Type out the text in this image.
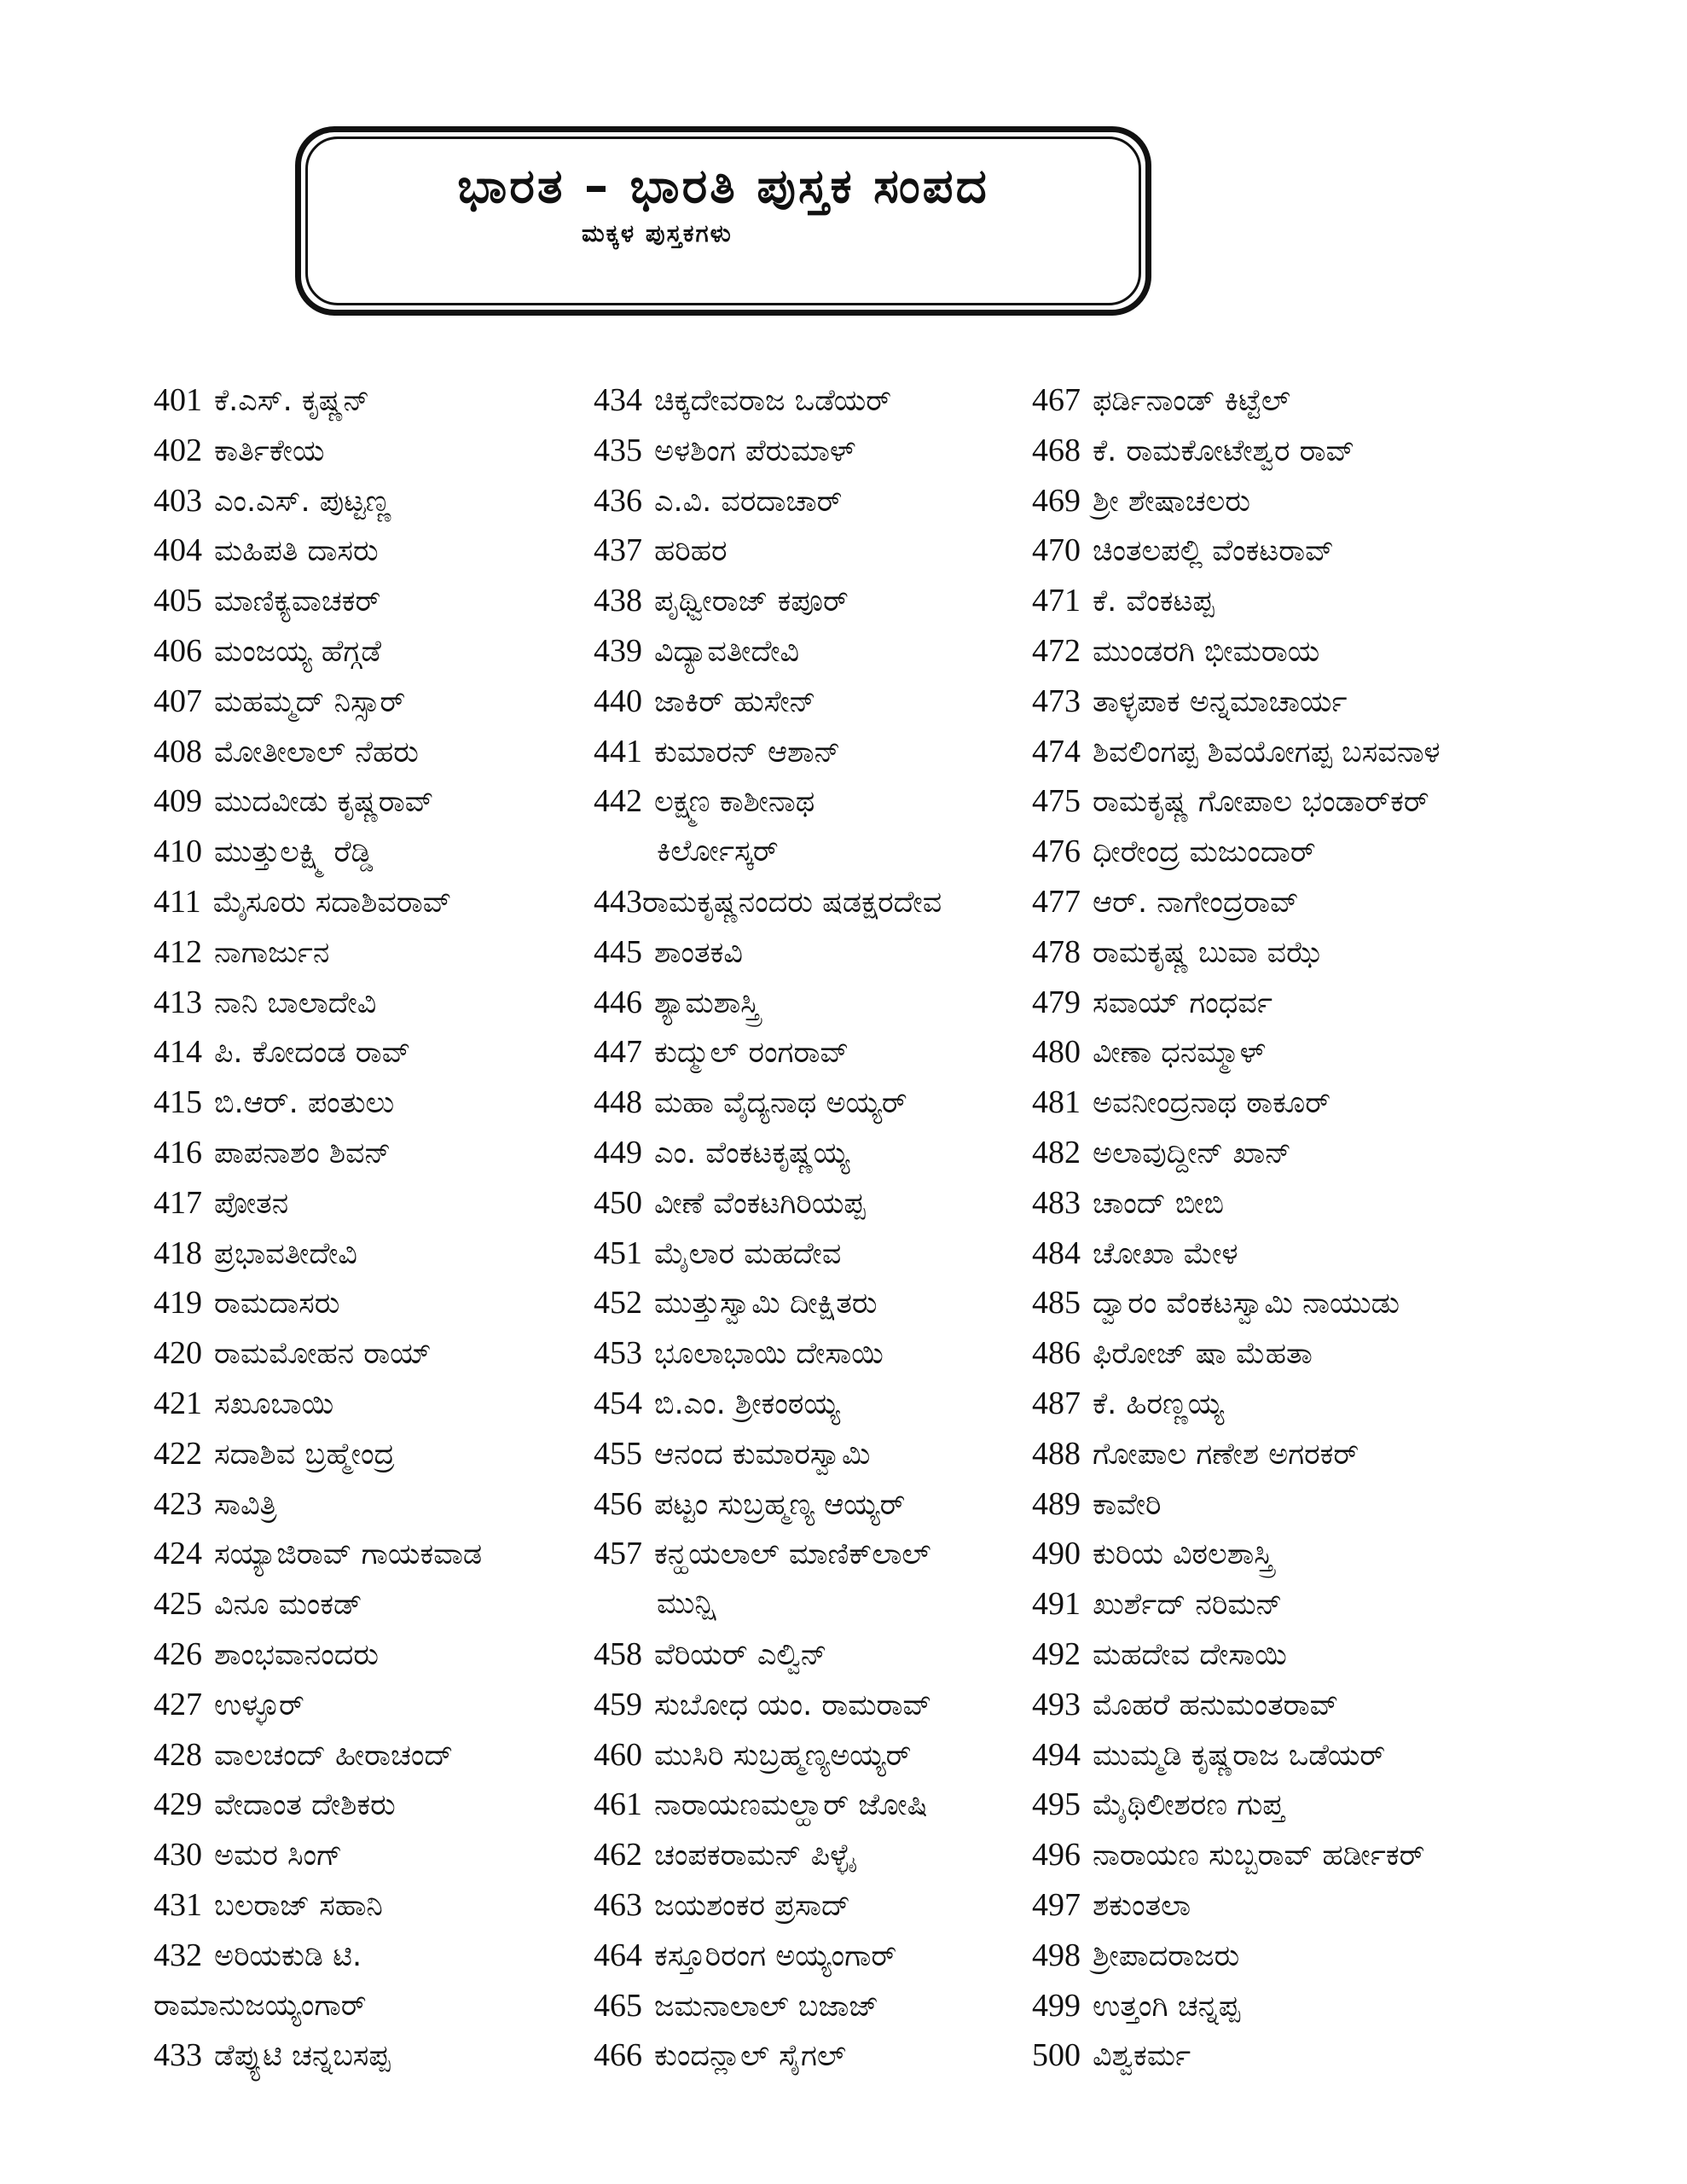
ಭಾರತ – ಭಾರತಿ ಪುಸ್ತಕ ಸಂಪದ
ಮಕ್ಕಳ ಪುಸ್ತಕಗಳು
401 ಕೆ.ಎಸ್. ಕೃಷ್ಣನ್
402 ಕಾರ್ತಿಕೇಯ
403 ಎಂ.ಎಸ್. ಪುಟ್ಟಣ್ಣ
404 ಮಹಿಪತಿ ದಾಸರು
405 ಮಾಣಿಕ್ಯವಾಚಕರ್
406 ಮಂಜಯ್ಯ ಹೆಗ್ಗಡೆ
407 ಮಹಮ್ಮದ್ ನಿಸ್ಸಾರ್
408 ಮೋತೀಲಾಲ್ ನೆಹರು
409 ಮುದವೀಡು ಕೃಷ್ಣರಾವ್
410 ಮುತ್ತುಲಕ್ಷ್ಮಿ ರೆಡ್ಡಿ
411 ಮೈಸೂರು ಸದಾಶಿವರಾವ್
412 ನಾಗಾರ್ಜುನ
413 ನಾನಿ ಬಾಲಾದೇವಿ
414 ಪಿ. ಕೋದಂಡ ರಾವ್
415 ಬಿ.ಆರ್. ಪಂತುಲು
416 ಪಾಪನಾಶಂ ಶಿವನ್
417 ಪೋತನ
418 ಪ್ರಭಾವತೀದೇವಿ
419 ರಾಮದಾಸರು
420 ರಾಮಮೋಹನ ರಾಯ್
421 ಸಖೂಬಾಯಿ
422 ಸದಾಶಿವ ಬ್ರಹ್ಮೇಂದ್ರ
423 ಸಾವಿತ್ರಿ
424 ಸಯ್ಯಾಜಿರಾವ್ ಗಾಯಕವಾಡ
425 ವಿನೂ ಮಂಕಡ್
426 ಶಾಂಭವಾನಂದರು
427 ಉಳ್ಳೂರ್
428 ವಾಲಚಂದ್ ಹೀರಾಚಂದ್
429 ವೇದಾಂತ ದೇಶಿಕರು
430 ಅಮರ ಸಿಂಗ್
431 ಬಲರಾಜ್ ಸಹಾನಿ
432 ಅರಿಯಕುಡಿ ಟಿ.
ರಾಮಾನುಜಯ್ಯಂಗಾರ್
433 ಡೆಪ್ಯುಟಿ ಚನ್ನಬಸಪ್ಪ
434 ಚಿಕ್ಕದೇವರಾಜ ಒಡೆಯರ್
435 ಅಳಶಿಂಗ ಪೆರುಮಾಳ್
436 ಎ.ವಿ. ವರದಾಚಾರ್
437 ಹರಿಹರ
438 ಪೃಥ್ವೀರಾಜ್ ಕಪೂರ್
439 ವಿದ್ಯಾವತೀದೇವಿ
440 ಜಾಕಿರ್ ಹುಸೇನ್
441 ಕುಮಾರನ್ ಆಶಾನ್
442 ಲಕ್ಷ್ಮಣ ಕಾಶೀನಾಥ
ಕಿರ್ಲೋಸ್ಕರ್
443ರಾಮಕೃಷ್ಣನಂದರು ಷಡಕ್ಷರದೇವ
445 ಶಾಂತಕವಿ
446 ಶ್ಯಾಮಶಾಸ್ತ್ರಿ
447 ಕುದ್ಮುಲ್ ರಂಗರಾವ್
448 ಮಹಾ ವೈದ್ಯನಾಥ ಅಯ್ಯರ್
449 ಎಂ. ವೆಂಕಟಕೃಷ್ಣಯ್ಯ
450 ವೀಣೆ ವೆಂಕಟಗಿರಿಯಪ್ಪ
451 ಮೈಲಾರ ಮಹದೇವ
452 ಮುತ್ತುಸ್ವಾಮಿ ದೀಕ್ಷಿತರು
453 ಭೂಲಾಭಾಯಿ ದೇಸಾಯಿ
454 ಬಿ.ಎಂ. ಶ್ರೀಕಂಠಯ್ಯ
455 ಆನಂದ ಕುಮಾರಸ್ವಾಮಿ
456 ಪಟ್ಟಂ ಸುಬ್ರಹ್ಮಣ್ಯ ಆಯ್ಯರ್
457 ಕನ್ಹಯಲಾಲ್ ಮಾಣಿಕ್‌ಲಾಲ್
ಮುನ್ಷಿ
458 ವೆರಿಯರ್ ಎಲ್ವಿನ್
459 ಸುಬೋಧ ಯಂ. ರಾಮರಾವ್
460 ಮುಸಿರಿ ಸುಬ್ರಹ್ಮಣ್ಯಅಯ್ಯರ್
461 ನಾರಾಯಣಮಲ್ಹಾರ್ ಜೋಷಿ
462 ಚಂಪಕರಾಮನ್ ಪಿಳ್ಳೈ
463 ಜಯಶಂಕರ ಪ್ರಸಾದ್
464 ಕಸ್ತೂರಿರಂಗ ಅಯ್ಯಂಗಾರ್
465 ಜಮನಾಲಾಲ್ ಬಜಾಜ್
466 ಕುಂದನ್ಲಾಲ್ ಸೈಗಲ್
467 ಫರ್ಡಿನಾಂಡ್ ಕಿಟ್ಟೆಲ್
468 ಕೆ. ರಾಮಕೋಟೇಶ್ವರ ರಾವ್
469 ಶ್ರೀ ಶೇಷಾಚಲರು
470 ಚಿಂತಲಪಲ್ಲಿ ವೆಂಕಟರಾವ್
471 ಕೆ. ವೆಂಕಟಪ್ಪ
472 ಮುಂಡರಗಿ ಭೀಮರಾಯ
473 ತಾಳ್ಳಪಾಕ ಅನ್ನಮಾಚಾರ್ಯ
474 ಶಿವಲಿಂಗಪ್ಪ ಶಿವಯೋಗಪ್ಪ ಬಸವನಾಳ
475 ರಾಮಕೃಷ್ಣ ಗೋಪಾಲ ಭಂಡಾರ್‌ಕರ್
476 ಧೀರೇಂದ್ರ ಮಜುಂದಾರ್
477 ಆರ್. ನಾಗೇಂದ್ರರಾವ್
478 ರಾಮಕೃಷ್ಣ ಬುವಾ ವಝೆ
479 ಸವಾಯ್ ಗಂಧರ್ವ
480 ವೀಣಾ ಧನಮ್ಮಾಳ್
481 ಅವನೀಂದ್ರನಾಥ ಠಾಕೂರ್
482 ಅಲಾವುದ್ದೀನ್ ಖಾನ್
483 ಚಾಂದ್ ಬೀಬಿ
484 ಚೋಖಾ ಮೇಳ
485 ದ್ವಾರಂ ವೆಂಕಟಸ್ವಾಮಿ ನಾಯುಡು
486 ಫಿರೋಜ್ ಷಾ ಮೆಹತಾ
487 ಕೆ. ಹಿರಣ್ಣಯ್ಯ
488 ಗೋಪಾಲ ಗಣೇಶ ಅಗರಕರ್
489 ಕಾವೇರಿ
490 ಕುರಿಯ ವಿಠಲಶಾಸ್ತ್ರಿ
491 ಖುರ್ಶೆದ್ ನರಿಮನ್
492 ಮಹದೇವ ದೇಸಾಯಿ
493 ಮೊಹರೆ ಹನುಮಂತರಾವ್
494 ಮುಮ್ಮಡಿ ಕೃಷ್ಣರಾಜ ಒಡೆಯರ್
495 ಮೈಥಿಲೀಶರಣ ಗುಪ್ತ
496 ನಾರಾಯಣ ಸುಬ್ಬರಾವ್ ಹರ್ಡೀಕರ್
497 ಶಕುಂತಲಾ
498 ಶ್ರೀಪಾದರಾಜರು
499 ಉತ್ತಂಗಿ ಚನ್ನಪ್ಪ
500 ವಿಶ್ವಕರ್ಮ
